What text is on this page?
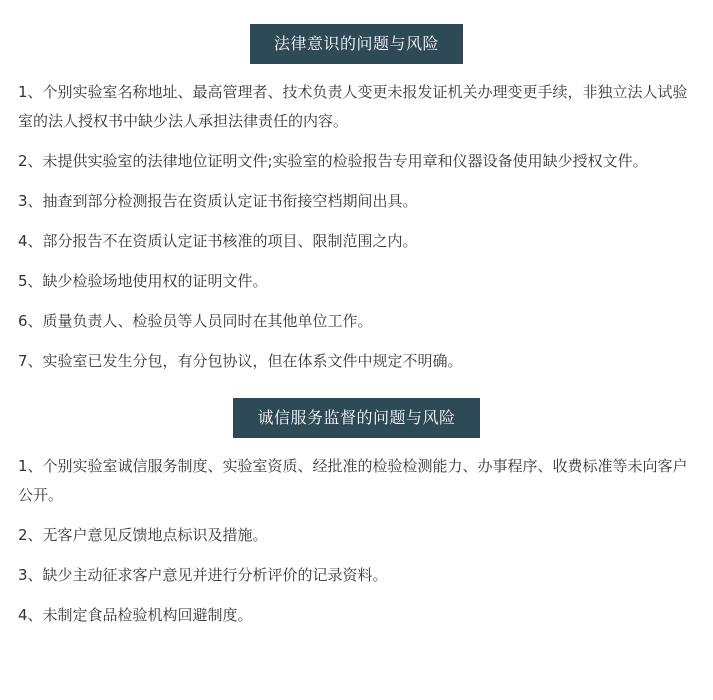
法律意识的问题与风险
1、个别实验室名称地址、最高管理者、技术负责人变更未报发证机关办理变更手续，非独立法人试验室的法人授权书中缺少法人承担法律责任的内容。
2、未提供实验室的法律地位证明文件;实验室的检验报告专用章和仪器设备使用缺少授权文件。
3、抽查到部分检测报告在资质认定证书衔接空档期间出具。
4、部分报告不在资质认定证书核准的项目、限制范围之内。
5、缺少检验场地使用权的证明文件。
6、质量负责人、检验员等人员同时在其他单位工作。
7、实验室已发生分包，有分包协议，但在体系文件中规定不明确。
诚信服务监督的问题与风险
1、个别实验室诚信服务制度、实验室资质、经批准的检验检测能力、办事程序、收费标准等未向客户公开。
2、无客户意见反馈地点标识及措施。
3、缺少主动征求客户意见并进行分析评价的记录资料。
4、未制定食品检验机构回避制度。
